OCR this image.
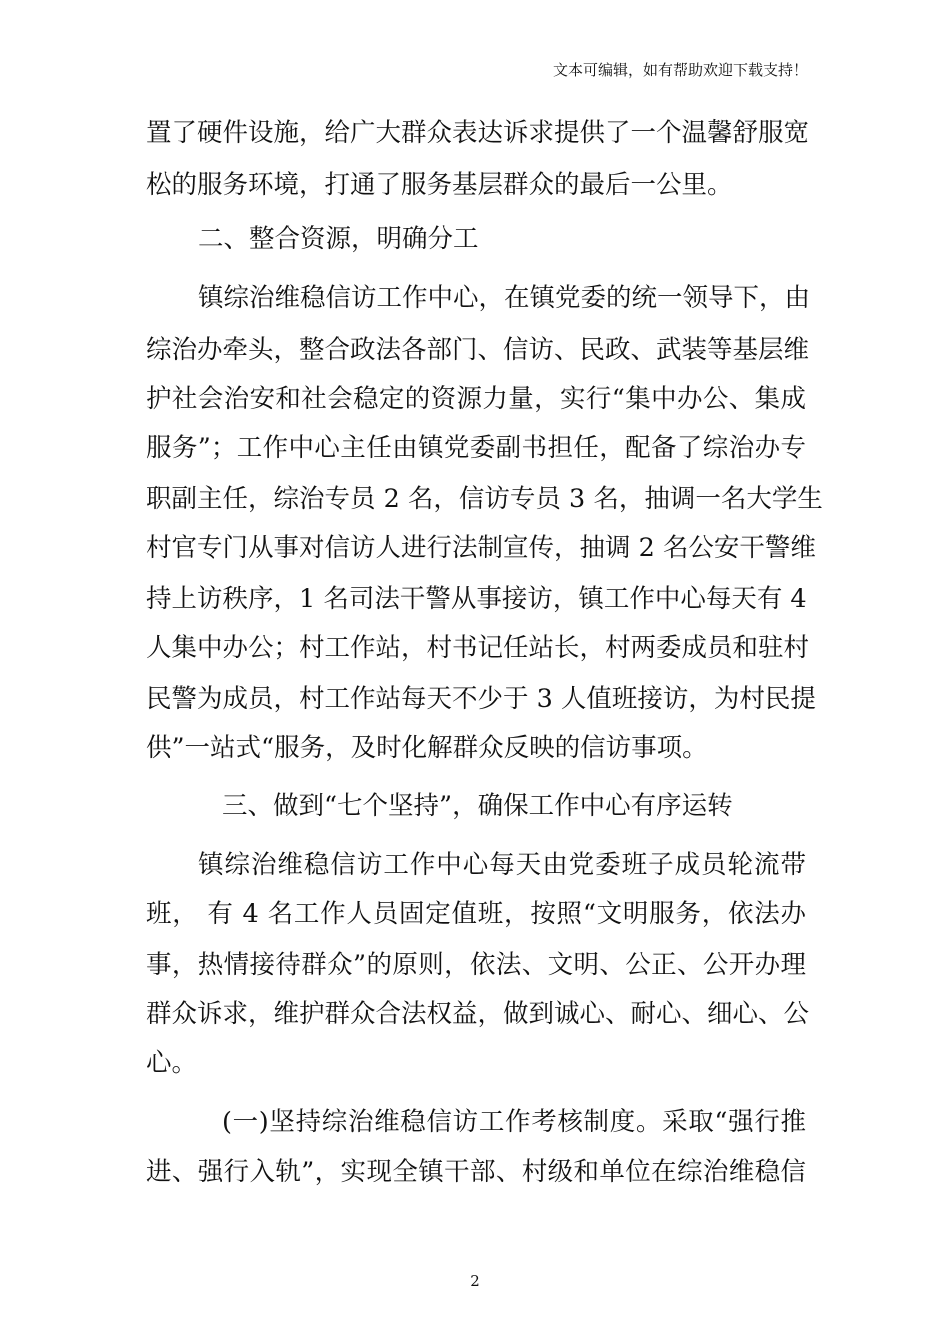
文本可编辑，如有帮助欢迎下载支持！
置了硬件设施，给广大群众表达诉求提供了一个温馨舒服宽
松的服务环境，打通了服务基层群众的最后一公里。
二、整合资源，明确分工
镇综治维稳信访工作中心，在镇党委的统一领导下，由
综治办牵头，整合政法各部门、信访、民政、武装等基层维
护社会治安和社会稳定的资源力量，实行“集中办公、集成
服务”；工作中心主任由镇党委副书担任，配备了综治办专
职副主任，综治专员 2 名，信访专员 3 名，抽调一名大学生
村官专门从事对信访人进行法制宣传，抽调 2 名公安干警维
持上访秩序，1 名司法干警从事接访，镇工作中心每天有 4
人集中办公；村工作站，村书记任站长，村两委成员和驻村
民警为成员，村工作站每天不少于 3 人值班接访，为村民提
供”一站式“服务，及时化解群众反映的信访事项。
三、做到“七个坚持”，确保工作中心有序运转
镇综治维稳信访工作中心每天由党委班子成员轮流带
班， 有 4 名工作人员固定值班，按照“文明服务，依法办
事，热情接待群众”的原则，依法、文明、公正、公开办理
群众诉求，维护群众合法权益，做到诚心、耐心、细心、公
心。
(一)坚持综治维稳信访工作考核制度。采取“强行推
进、强行入轨”，实现全镇干部、村级和单位在综治维稳信
2
